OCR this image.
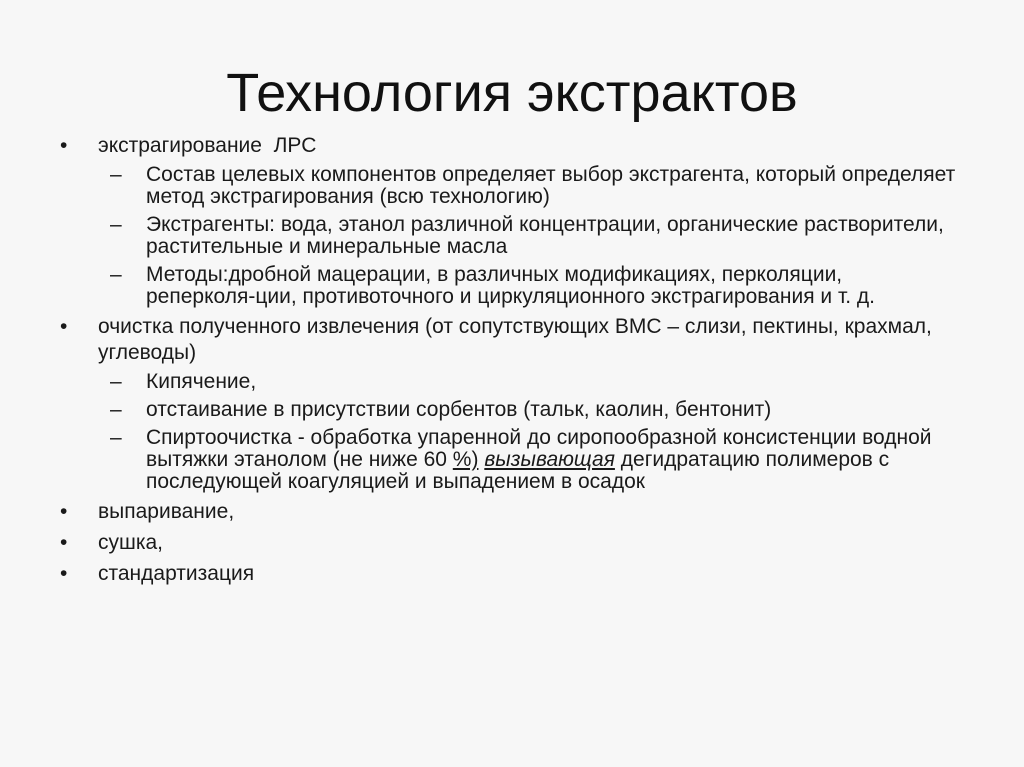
Технология экстрактов
•	экстрагирование  ЛРС
–	Состав целевых компонентов определяет выбор экстрагента, который определяет метод экстрагирования (всю технологию)
–	Экстрагенты: вода, этанол различной концентрации, органические растворители, растительные и минеральные масла
–	Методы:дробной мацерации, в различных модификациях, перколяции, реперколя-ции, противоточного и циркуляционного экстрагирования и т. д.
•	очистка полученного извлечения (от сопутствующих ВМС – слизи, пектины, крахмал, углеводы)
–	Кипячение,
–	отстаивание в присутствии сорбентов (тальк, каолин, бентонит)
–	Спиртоочистка - обработка упаренной до сиропообразной консистенции водной вытяжки этанолом (не ниже 60 %) вызывающая дегидратацию полимеров с последующей коагуляцией и выпадением в осадок
•	выпаривание,
•	сушка,
•	стандартизация
